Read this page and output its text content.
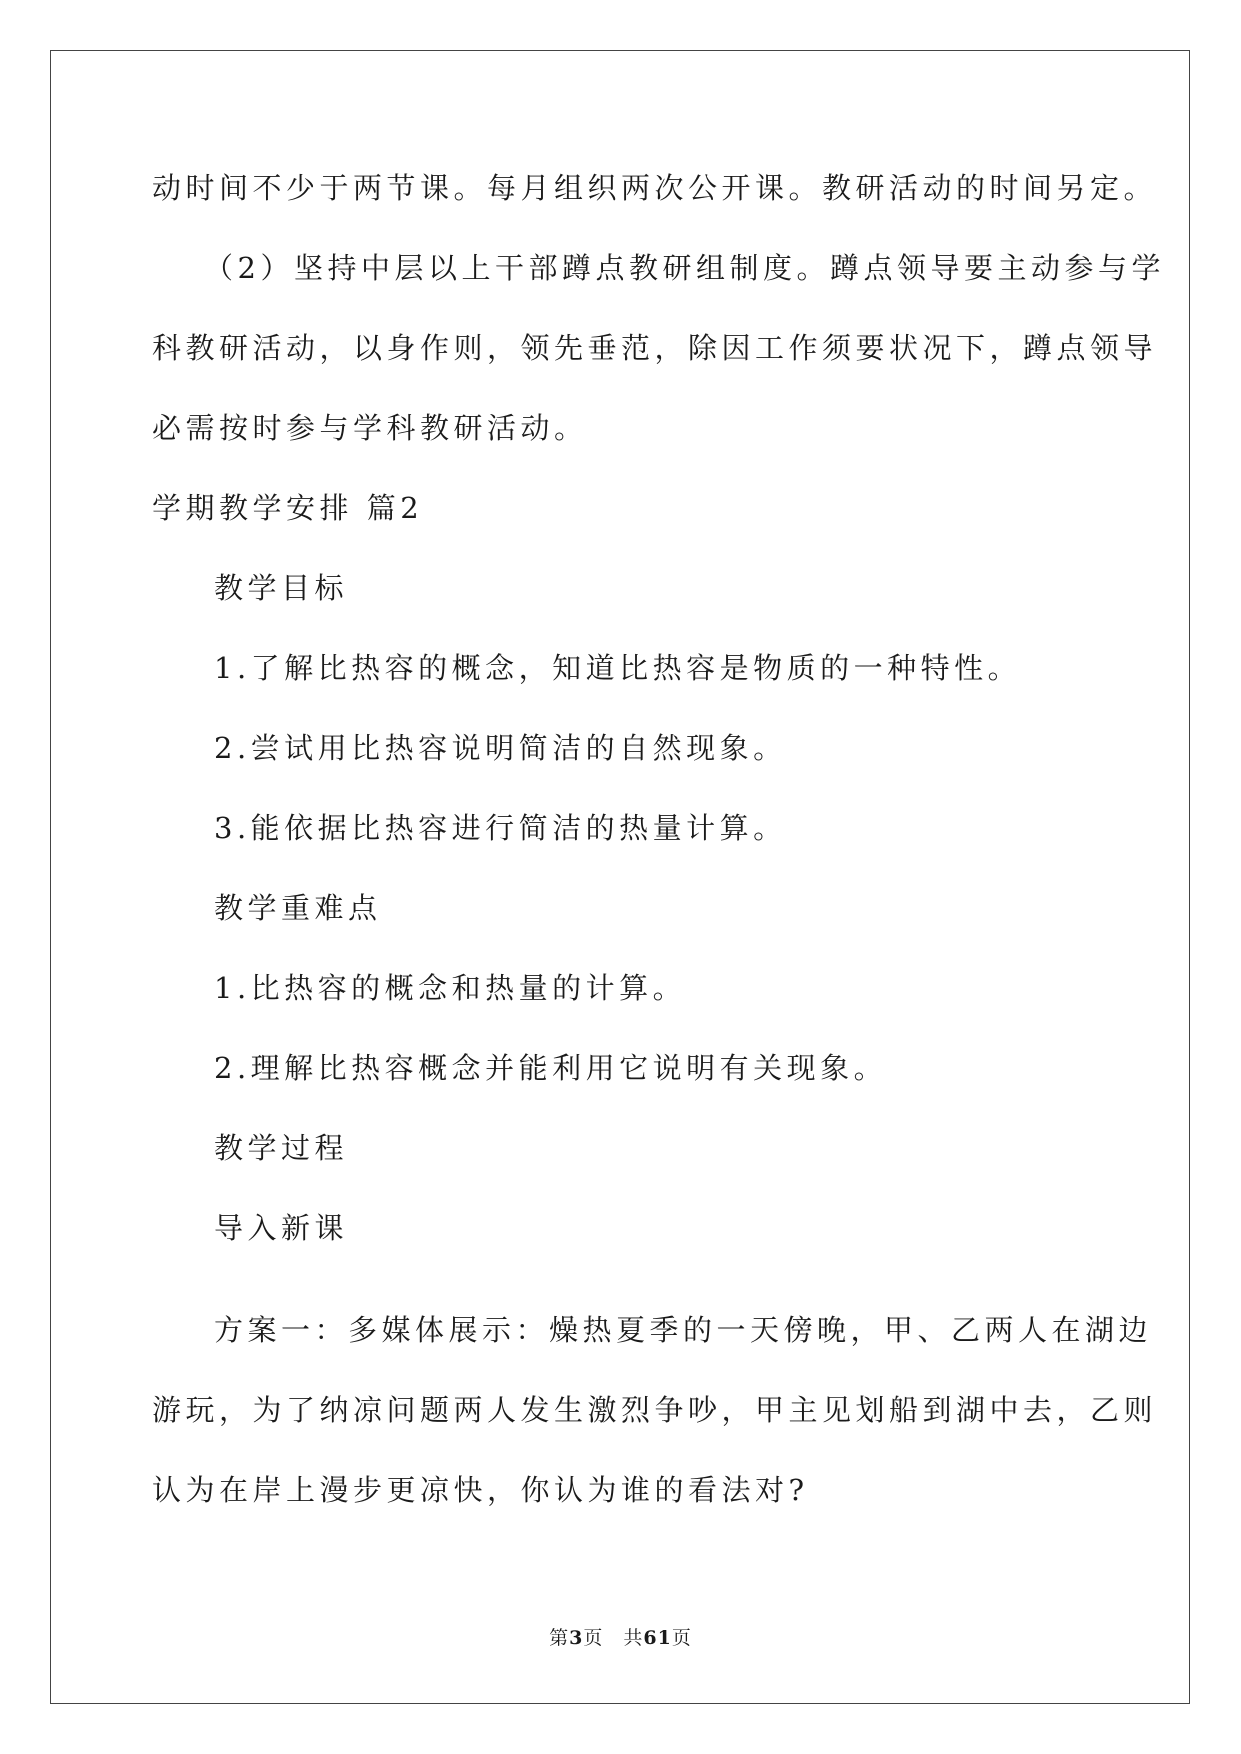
动时间不少于两节课。每月组织两次公开课。教研活动的时间另定。
（2）坚持中层以上干部蹲点教研组制度。蹲点领导要主动参与学
科教研活动，以身作则，领先垂范，除因工作须要状况下，蹲点领导
必需按时参与学科教研活动。
学期教学安排 篇2
教学目标
1.了解比热容的概念，知道比热容是物质的一种特性。
2.尝试用比热容说明简洁的自然现象。
3.能依据比热容进行简洁的热量计算。
教学重难点
1.比热容的概念和热量的计算。
2.理解比热容概念并能利用它说明有关现象。
教学过程
导入新课
方案一：多媒体展示：燥热夏季的一天傍晚，甲、乙两人在湖边
游玩，为了纳凉问题两人发生激烈争吵，甲主见划船到湖中去，乙则
认为在岸上漫步更凉快，你认为谁的看法对?
第3页　共61页
